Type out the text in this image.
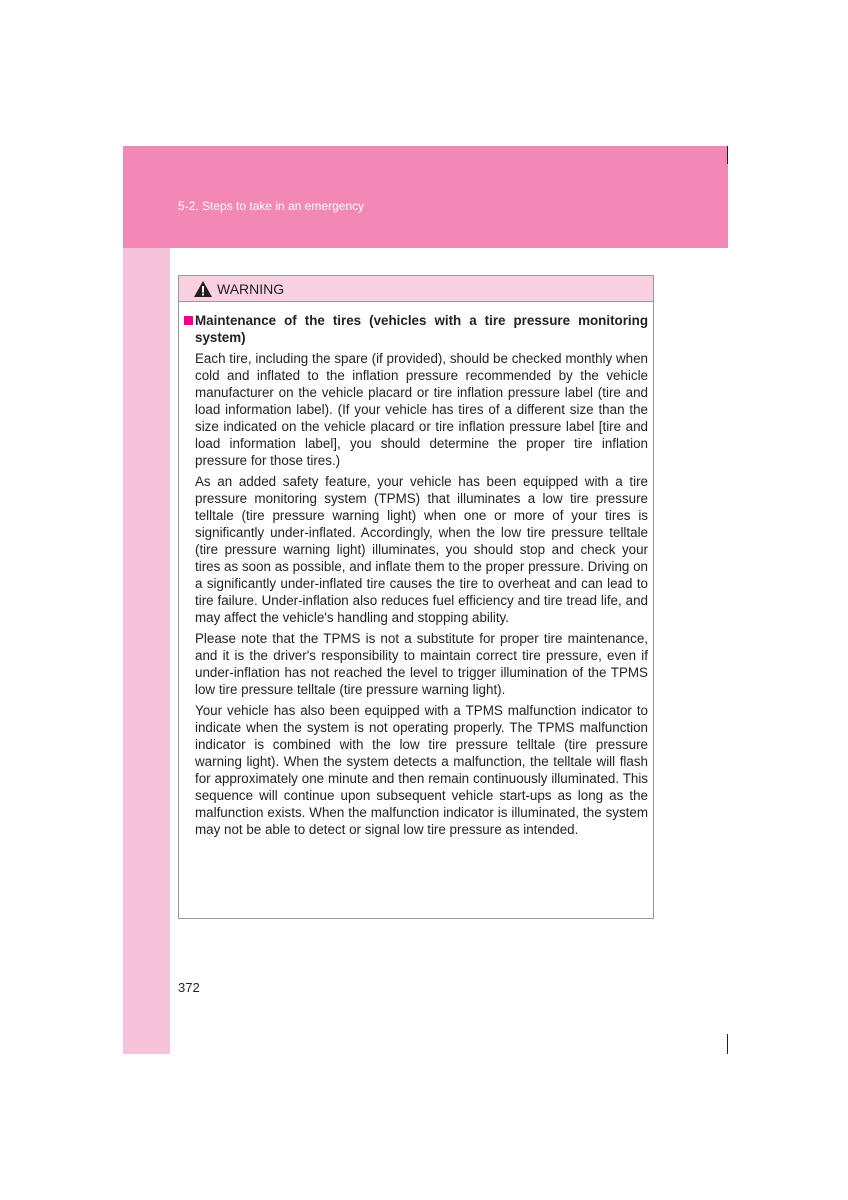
5-2. Steps to take in an emergency
WARNING
Maintenance of the tires (vehicles with a tire pressure monitoring system)

Each tire, including the spare (if provided), should be checked monthly when cold and inflated to the inflation pressure recommended by the vehicle manufacturer on the vehicle placard or tire inflation pressure label (tire and load information label). (If your vehicle has tires of a different size than the size indicated on the vehicle placard or tire inflation pressure label [tire and load information label], you should determine the proper tire inflation pressure for those tires.)

As an added safety feature, your vehicle has been equipped with a tire pressure monitoring system (TPMS) that illuminates a low tire pressure telltale (tire pressure warning light) when one or more of your tires is significantly under-inflated. Accordingly, when the low tire pressure telltale (tire pressure warning light) illuminates, you should stop and check your tires as soon as possible, and inflate them to the proper pressure. Driving on a significantly under-inflated tire causes the tire to overheat and can lead to tire failure. Under-inflation also reduces fuel efficiency and tire tread life, and may affect the vehicle's handling and stopping ability.

Please note that the TPMS is not a substitute for proper tire maintenance, and it is the driver's responsibility to maintain correct tire pressure, even if under-inflation has not reached the level to trigger illumination of the TPMS low tire pressure telltale (tire pressure warning light).

Your vehicle has also been equipped with a TPMS malfunction indicator to indicate when the system is not operating properly. The TPMS malfunction indicator is combined with the low tire pressure telltale (tire pressure warning light). When the system detects a malfunction, the telltale will flash for approximately one minute and then remain continuously illuminated. This sequence will continue upon subsequent vehicle start-ups as long as the malfunction exists. When the malfunction indicator is illuminated, the system may not be able to detect or signal low tire pressure as intended.

372
